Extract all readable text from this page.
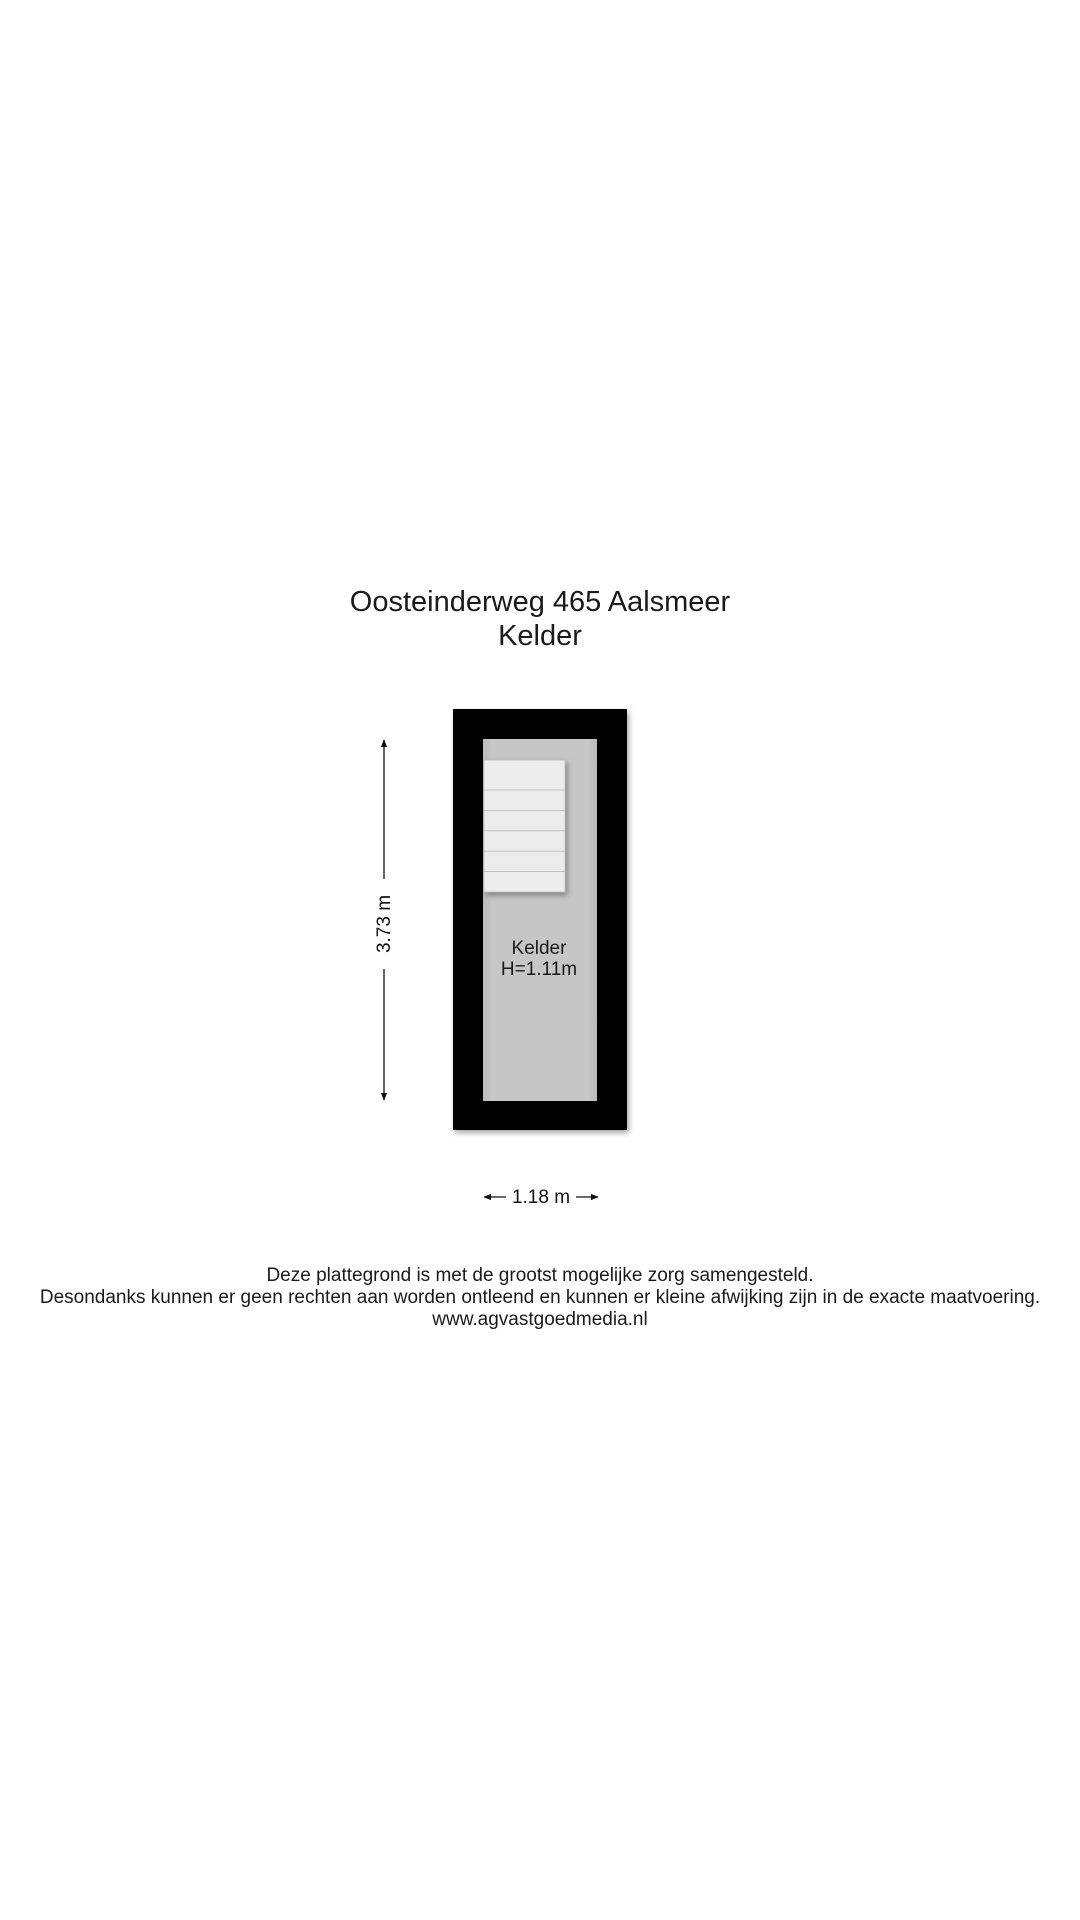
Oosteinderweg 465 Aalsmeer
Kelder
Kelder
H=1.11m
3.73 m
1.18 m
Deze plattegrond is met de grootst mogelijke zorg samengesteld.
Desondanks kunnen er geen rechten aan worden ontleend en kunnen er kleine afwijking zijn in de exacte maatvoering.
www.agvastgoedmedia.nl
